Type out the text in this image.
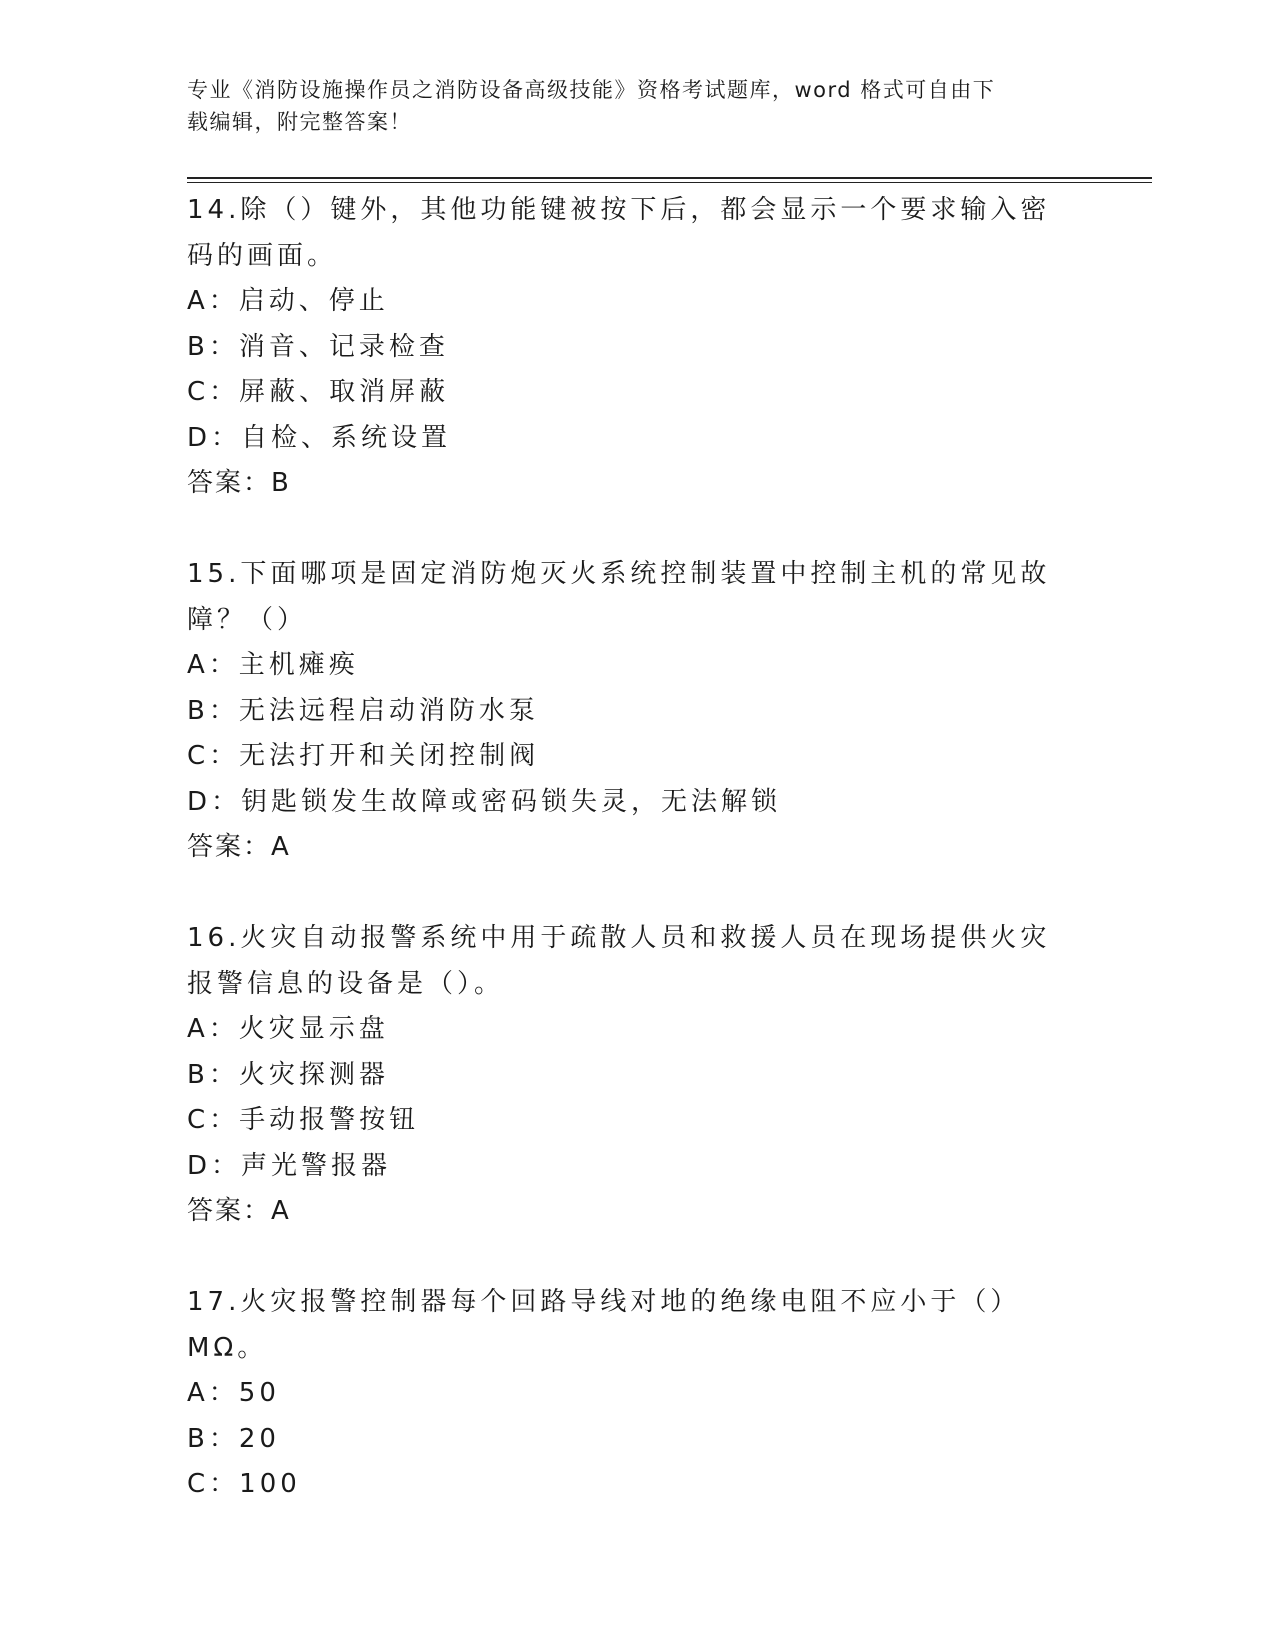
专业《消防设施操作员之消防设备高级技能》资格考试题库，word 格式可自由下
载编辑，附完整答案！
14.除（）键外，其他功能键被按下后，都会显示一个要求输入密码的画面。
A：启动、停止
B：消音、记录检查
C：屏蔽、取消屏蔽
D：自检、系统设置
答案：B
15.下面哪项是固定消防炮灭火系统控制装置中控制主机的常见故障？（）
A：主机瘫痪
B：无法远程启动消防水泵
C：无法打开和关闭控制阀
D：钥匙锁发生故障或密码锁失灵，无法解锁
答案：A
16.火灾自动报警系统中用于疏散人员和救援人员在现场提供火灾报警信息的设备是（）。
A：火灾显示盘
B：火灾探测器
C：手动报警按钮
D：声光警报器
答案：A
17.火灾报警控制器每个回路导线对地的绝缘电阻不应小于（）MΩ。
A：50
B：20
C：100
